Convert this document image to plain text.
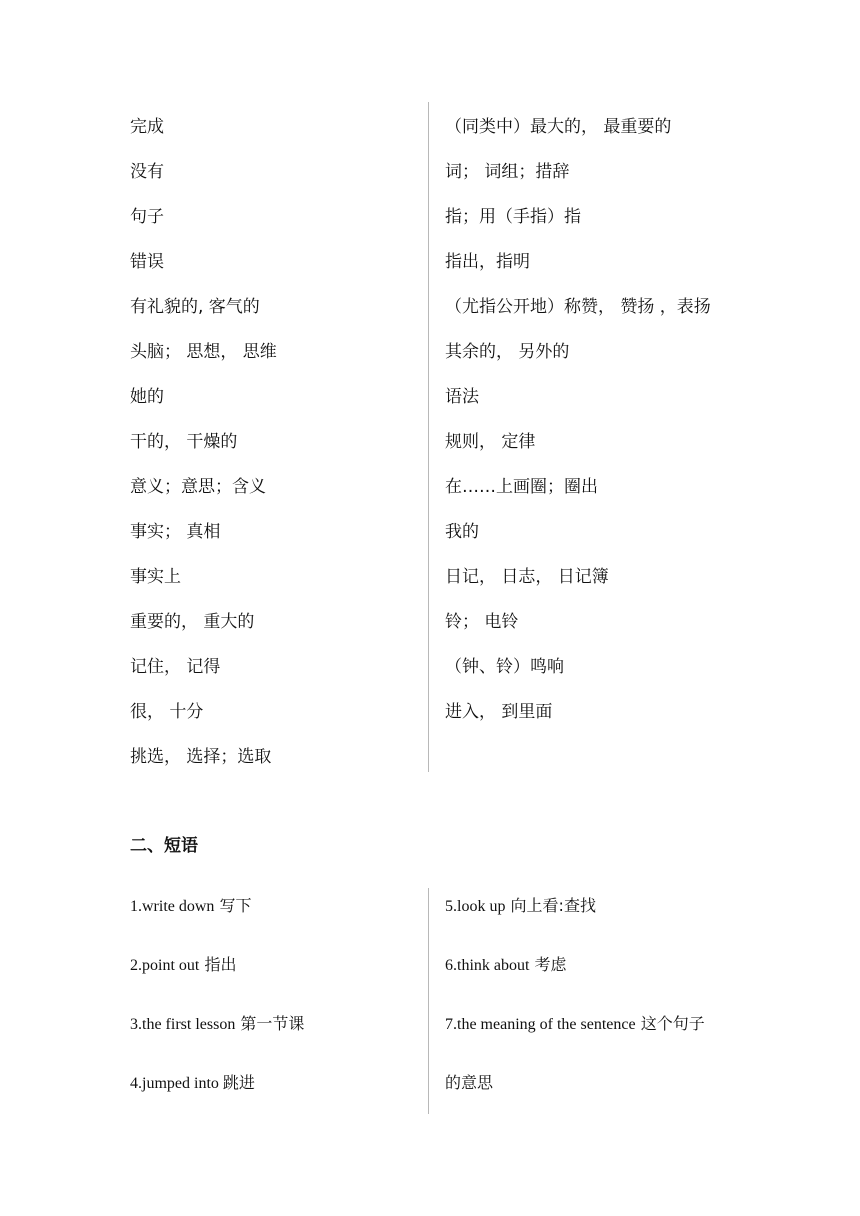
完成
没有
句子
错误
有礼貌的, 客气的
头脑； 思想， 思维
她的
干的， 干燥的
意义；意思；含义
事实； 真相
事实上
重要的， 重大的
记住， 记得
很， 十分
挑选， 选择；选取
（同类中）最大的， 最重要的
词； 词组；措辞
指；用（手指）指
指出，指明
（尤指公开地）称赞， 赞扬 ，表扬
其余的， 另外的
语法
规则， 定律
在……上画圈；圈出
我的
日记， 日志， 日记簿
铃； 电铃
（钟、铃）鸣响
进入， 到里面
二、短语
1.write down 写下
2.point out 指出
3.the first lesson 第一节课
4.jumped into 跳进
5.look up 向上看:查找
6.think about 考虑
7.the meaning of the sentence 这个句子
的意思
